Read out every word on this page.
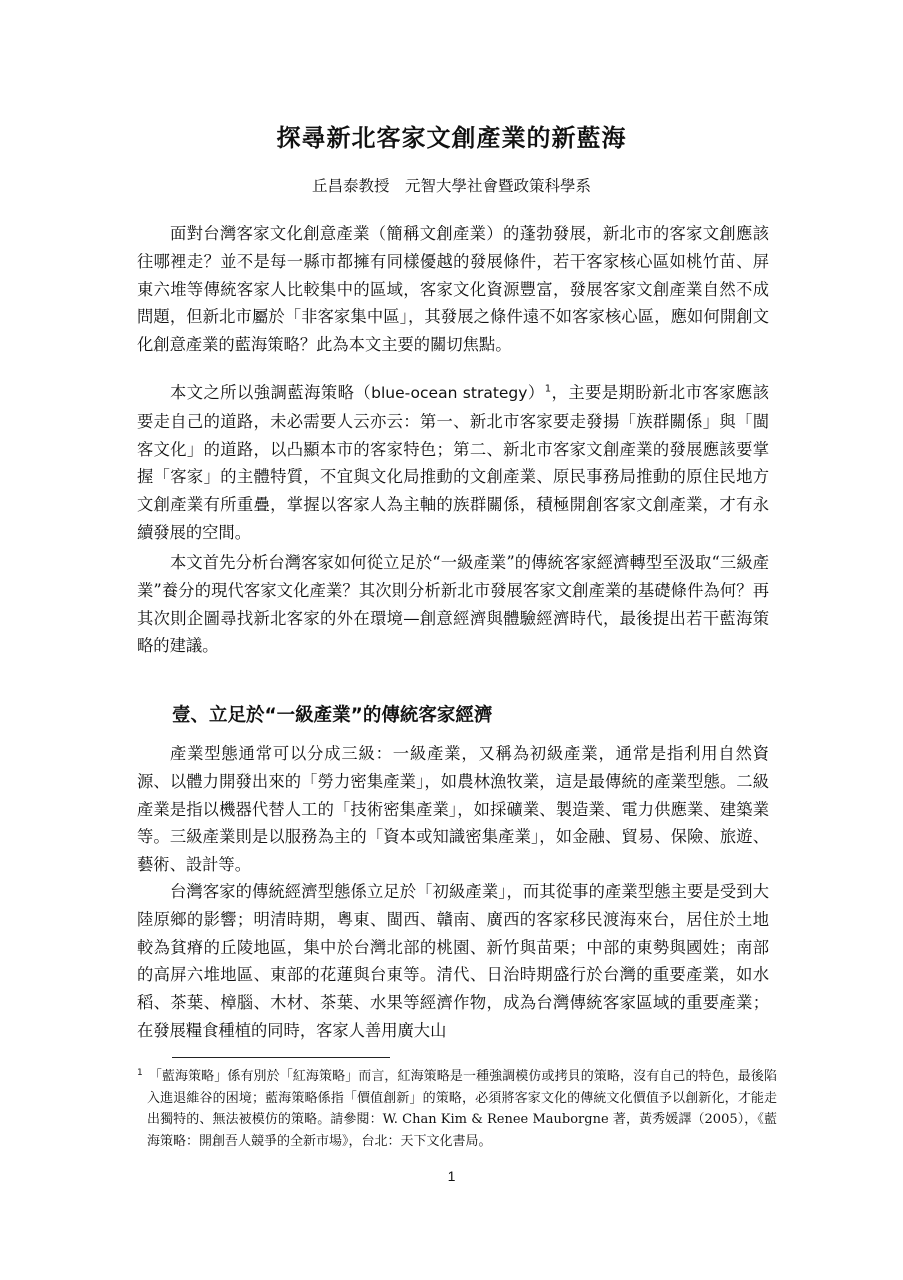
探尋新北客家文創產業的新藍海

丘昌泰教授　元智大學社會暨政策科學系

面對台灣客家文化創意產業（簡稱文創產業）的蓬勃發展，新北市的客家文創應該往哪裡走？並不是每一縣市都擁有同樣優越的發展條件，若干客家核心區如桃竹苗、屏東六堆等傳統客家人比較集中的區域，客家文化資源豐富，發展客家文創產業自然不成問題，但新北市屬於「非客家集中區」，其發展之條件遠不如客家核心區，應如何開創文化創意產業的藍海策略？此為本文主要的關切焦點。

本文之所以強調藍海策略（blue-ocean strategy）$^1$，主要是期盼新北市客家應該要走自己的道路，未必需要人云亦云：第一、新北市客家要走發揚「族群關係」與「閩客文化」的道路，以凸顯本市的客家特色；第二、新北市客家文創產業的發展應該要掌握「客家」的主體特質，不宜與文化局推動的文創產業、原民事務局推動的原住民地方文創產業有所重疊，掌握以客家人為主軸的族群關係，積極開創客家文創產業，才有永續發展的空間。

本文首先分析台灣客家如何從立足於“一級產業”的傳統客家經濟轉型至汲取“三級產業”養分的現代客家文化產業？其次則分析新北市發展客家文創產業的基礎條件為何？再其次則企圖尋找新北客家的外在環境—創意經濟與體驗經濟時代，最後提出若干藍海策略的建議。

壹、立足於“一級產業”的傳統客家經濟

產業型態通常可以分成三級：一級產業，又稱為初級產業，通常是指利用自然資源、以體力開發出來的「勞力密集產業」，如農林漁牧業，這是最傳統的產業型態。二級產業是指以機器代替人工的「技術密集產業」，如採礦業、製造業、電力供應業、建築業等。三級產業則是以服務為主的「資本或知識密集產業」，如金融、貿易、保險、旅遊、藝術、設計等。

台灣客家的傳統經濟型態係立足於「初級產業」，而其從事的產業型態主要是受到大陸原鄉的影響；明清時期，粵東、閩西、贛南、廣西的客家移民渡海來台，居住於土地較為貧瘠的丘陵地區，集中於台灣北部的桃園、新竹與苗栗；中部的東勢與國姓；南部的高屏六堆地區、東部的花蓮與台東等。清代、日治時期盛行於台灣的重要產業，如水稻、茶葉、樟腦、木材、茶葉、水果等經濟作物，成為台灣傳統客家區域的重要產業；在發展糧食種植的同時，客家人善用廣大山

$^1$ 「藍海策略」係有別於「紅海策略」而言，紅海策略是一種強調模仿或拷貝的策略，沒有自己的特色，最後陷入進退維谷的困境；藍海策略係指「價值創新」的策略，必須將客家文化的傳統文化價值予以創新化，才能走出獨特的、無法被模仿的策略。請參閱：W. Chan Kim & Renee Mauborgne 著，黃秀媛譯（2005），《藍海策略：開創吾人競爭的全新市場》，台北：天下文化書局。

1
